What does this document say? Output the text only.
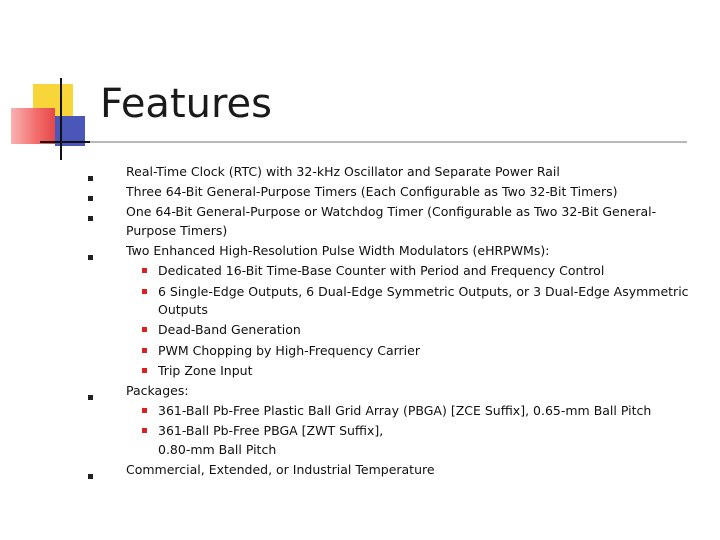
Features
Real-Time Clock (RTC) with 32-kHz Oscillator and Separate Power Rail
Three 64-Bit General-Purpose Timers (Each Configurable as Two 32-Bit Timers)
One 64-Bit General-Purpose or Watchdog Timer (Configurable as Two 32-Bit General-
Purpose Timers)
Two Enhanced High-Resolution Pulse Width Modulators (eHRPWMs):
Dedicated 16-Bit Time-Base Counter with Period and Frequency Control
6 Single-Edge Outputs, 6 Dual-Edge Symmetric Outputs, or 3 Dual-Edge Asymmetric
Outputs
Dead-Band Generation
PWM Chopping by High-Frequency Carrier
Trip Zone Input
Packages:
361-Ball Pb-Free Plastic Ball Grid Array (PBGA) [ZCE Suffix], 0.65-mm Ball Pitch
361-Ball Pb-Free PBGA [ZWT Suffix],
0.80-mm Ball Pitch
Commercial, Extended, or Industrial Temperature
